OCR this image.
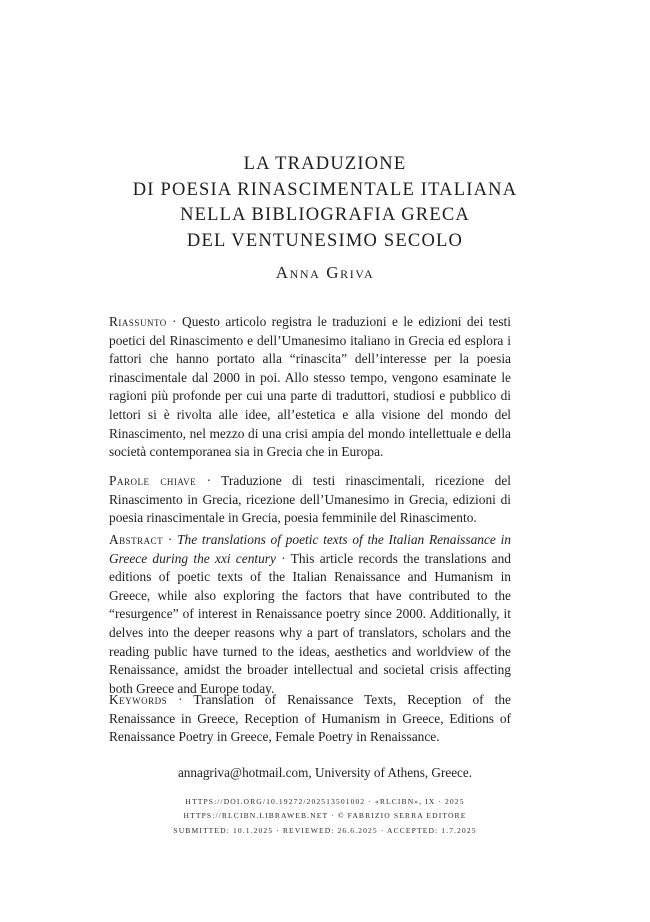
LA TRADUZIONE
DI POESIA RINASCIMENTALE ITALIANA
NELLA BIBLIOGRAFIA GRECA
DEL VENTUNESIMO SECOLO
Anna Griva
Riassunto · Questo articolo registra le traduzioni e le edizioni dei testi poetici del Rinascimento e dell’Umanesimo italiano in Grecia ed esplora i fattori che hanno portato alla “rinascita” dell’interesse per la poesia rinascimentale dal 2000 in poi. Allo stesso tempo, vengono esaminate le ragioni più profonde per cui una parte di traduttori, studiosi e pubblico di lettori si è rivolta alle idee, all’estetica e alla visione del mondo del Rinascimento, nel mezzo di una crisi ampia del mondo intellettuale e della società contemporanea sia in Grecia che in Europa.
Parole chiave · Traduzione di testi rinascimentali, ricezione del Rinascimento in Grecia, ricezione dell’Umanesimo in Grecia, edizioni di poesia rinascimentale in Grecia, poesia femminile del Rinascimento.
Abstract · The translations of poetic texts of the Italian Renaissance in Greece during the xxi century · This article records the translations and editions of poetic texts of the Italian Renaissance and Humanism in Greece, while also exploring the factors that have contributed to the “resurgence” of interest in Renaissance poetry since 2000. Additionally, it delves into the deeper reasons why a part of translators, scholars and the reading public have turned to the ideas, aesthetics and worldview of the Renaissance, amidst the broader intellectual and societal crisis affecting both Greece and Europe today.
Keywords · Translation of Renaissance Texts, Reception of the Renaissance in Greece, Reception of Humanism in Greece, Editions of Renaissance Poetry in Greece, Female Poetry in Renaissance.
annagriva@hotmail.com, University of Athens, Greece.
HTTPS://DOI.ORG/10.19272/202513501002 · «RLCIBN», IX · 2025
HTTPS://RLCIBN.LIBRAWEB.NET · © FABRIZIO SERRA EDITORE
SUBMITTED: 10.1.2025 · REVIEWED: 26.6.2025 · ACCEPTED: 1.7.2025
